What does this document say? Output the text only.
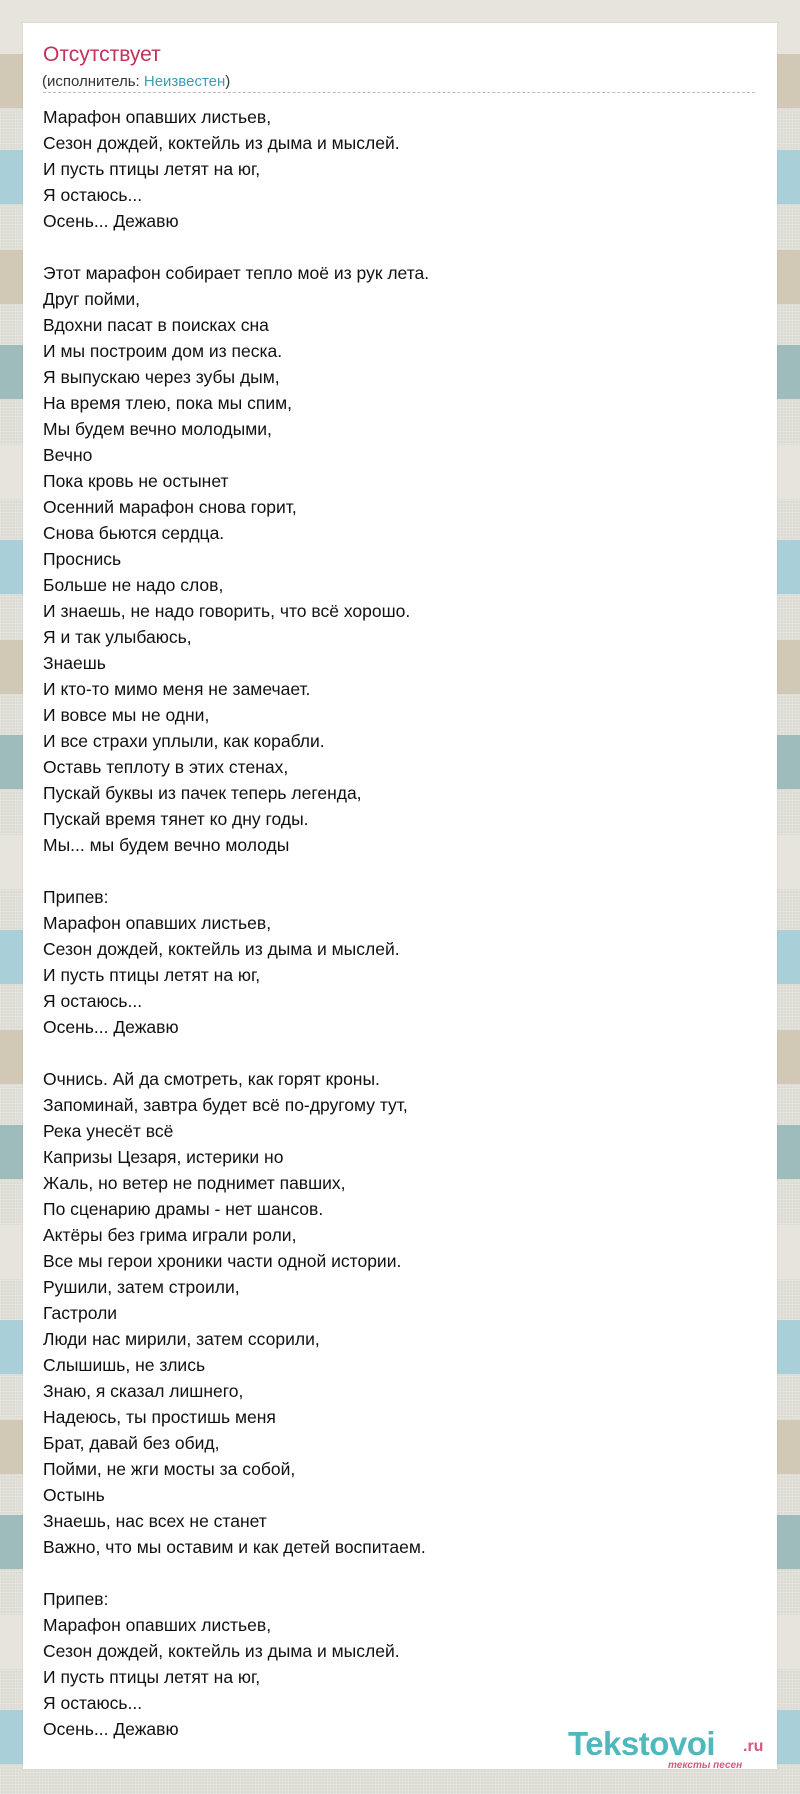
Отсутствует
(исполнитель: Неизвестен)
Марафон опавших листьев,
Сезон дождей, коктейль из дыма и мыслей.
И пусть птицы летят на юг,
Я остаюсь...
Осень... Дежавю
Этот марафон собирает тепло моё из рук лета.
Друг пойми,
Вдохни пасат в поисках сна
И мы построим дом из песка.
Я выпускаю через зубы дым,
На время тлею, пока мы спим,
Мы будем вечно молодыми,
Вечно
Пока кровь не остынет
Осенний марафон снова горит,
Снова бьются сердца.
Проснись
Больше не надо слов,
И знаешь, не надо говорить, что всё хорошо.
Я и так улыбаюсь,
Знаешь
И кто-то мимо меня не замечает.
И вовсе мы не одни,
И все страхи уплыли, как корабли.
Оставь теплоту в этих стенах,
Пускай буквы из пачек теперь легенда,
Пускай время тянет ко дну годы.
Мы... мы будем вечно молоды
Припев:
Марафон опавших листьев,
Сезон дождей, коктейль из дыма и мыслей.
И пусть птицы летят на юг,
Я остаюсь...
Осень... Дежавю
Очнись. Ай да смотреть, как горят кроны.
Запоминай, завтра будет всё по-другому тут,
Река унесёт всё
Капризы Цезаря, истерики но
Жаль, но ветер не поднимет павших,
По сценарию драмы - нет шансов.
Актёры без грима играли роли,
Все мы герои хроники части одной истории.
Рушили, затем строили,
Гастроли
Люди нас мирили, затем ссорили,
Слышишь, не злись
Знаю, я сказал лишнего,
Надеюсь, ты простишь меня
Брат, давай без обид,
Пойми, не жги мосты за собой,
Остынь
Знаешь, нас всех не станет
Важно, что мы оставим и как детей воспитаем.
Припев:
Марафон опавших листьев,
Сезон дождей, коктейль из дыма и мыслей.
И пусть птицы летят на юг,
Я остаюсь...
Осень... Дежавю	Tekstovoi .ru
тексты песен
